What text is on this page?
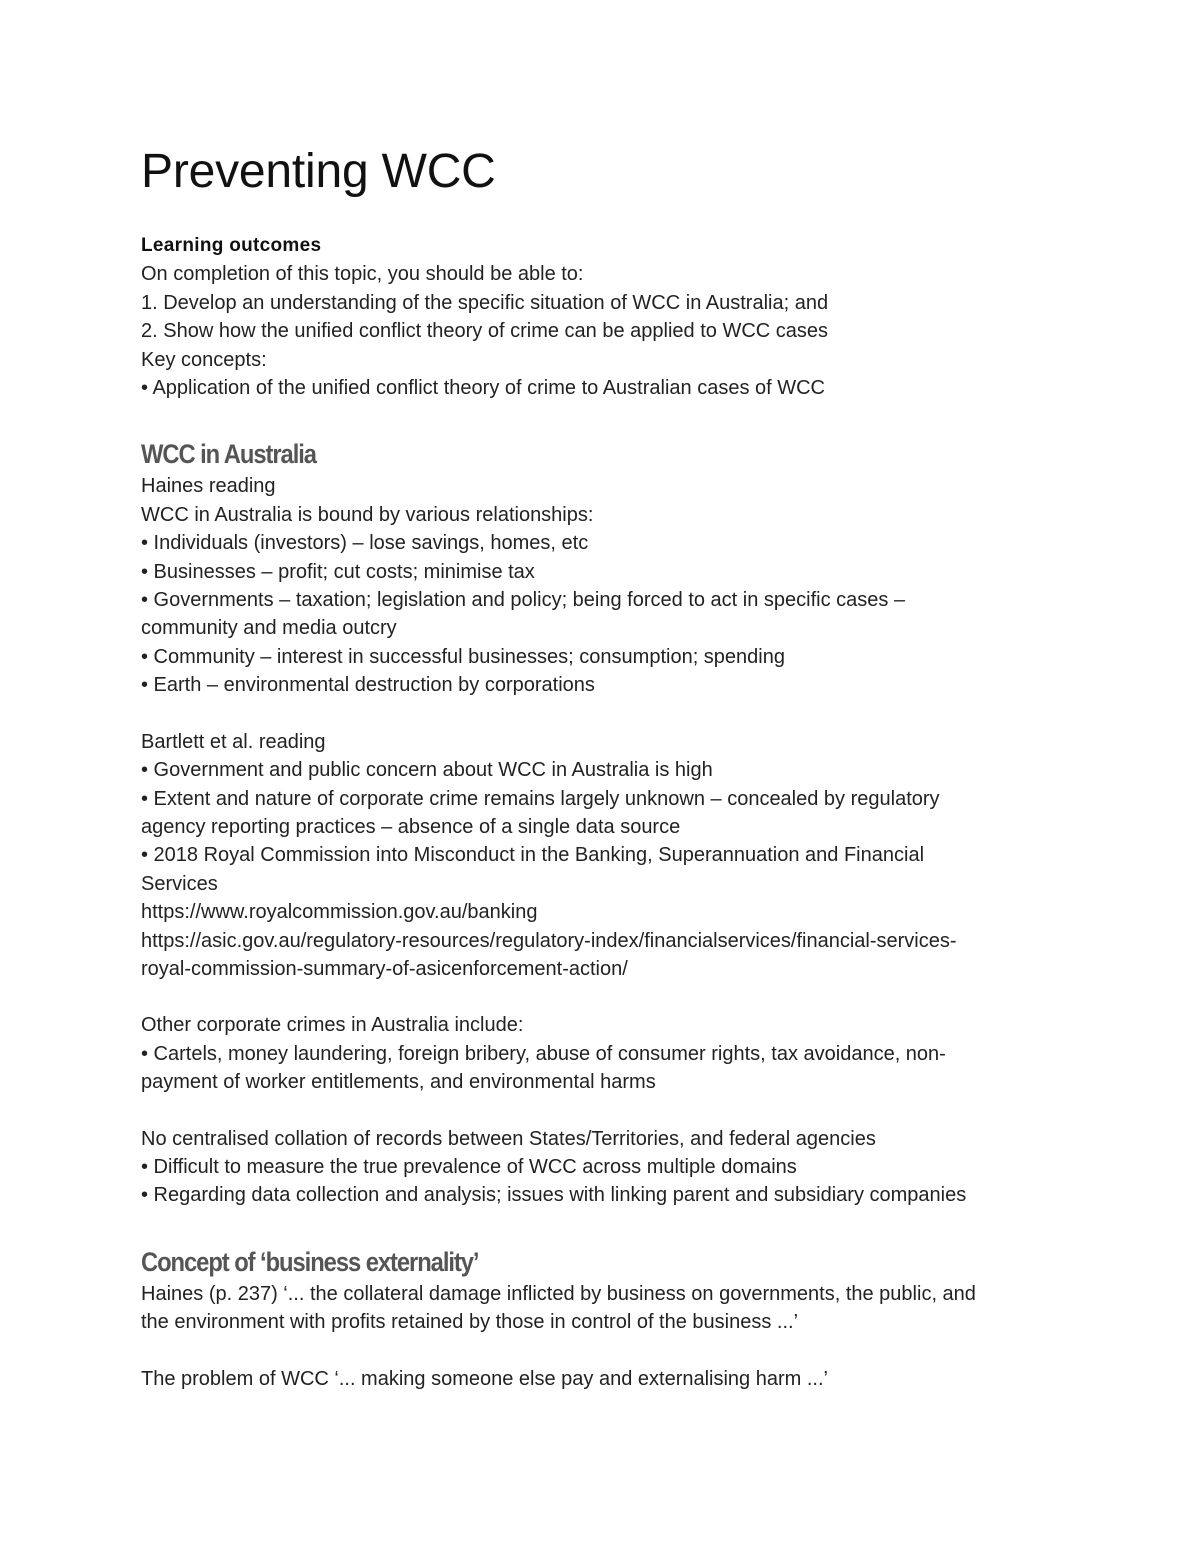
Preventing WCC

Learning outcomes

On completion of this topic, you should be able to:

1. Develop an understanding of the specific situation of WCC in Australia; and

2. Show how the unified conflict theory of crime can be applied to WCC cases

Key concepts:

• Application of the unified conflict theory of crime to Australian cases of WCC

WCC in Australia

Haines reading

WCC in Australia is bound by various relationships:

• Individuals (investors) – lose savings, homes, etc

• Businesses – profit; cut costs; minimise tax

• Governments – taxation; legislation and policy; being forced to act in specific cases –

community and media outcry

• Community – interest in successful businesses; consumption; spending

• Earth – environmental destruction by corporations

Bartlett et al. reading

• Government and public concern about WCC in Australia is high

• Extent and nature of corporate crime remains largely unknown – concealed by regulatory

agency reporting practices – absence of a single data source

• 2018 Royal Commission into Misconduct in the Banking, Superannuation and Financial

Services

https://www.royalcommission.gov.au/banking

https://asic.gov.au/regulatory-resources/regulatory-index/financialservices/financial-services-

royal-commission-summary-of-asicenforcement-action/

Other corporate crimes in Australia include:

• Cartels, money laundering, foreign bribery, abuse of consumer rights, tax avoidance, non-

payment of worker entitlements, and environmental harms

No centralised collation of records between States/Territories, and federal agencies

• Difficult to measure the true prevalence of WCC across multiple domains

• Regarding data collection and analysis; issues with linking parent and subsidiary companies

Concept of ‘business externality’

Haines (p. 237) ‘... the collateral damage inflicted by business on governments, the public, and

the environment with profits retained by those in control of the business ...’

The problem of WCC ‘... making someone else pay and externalising harm ...’
